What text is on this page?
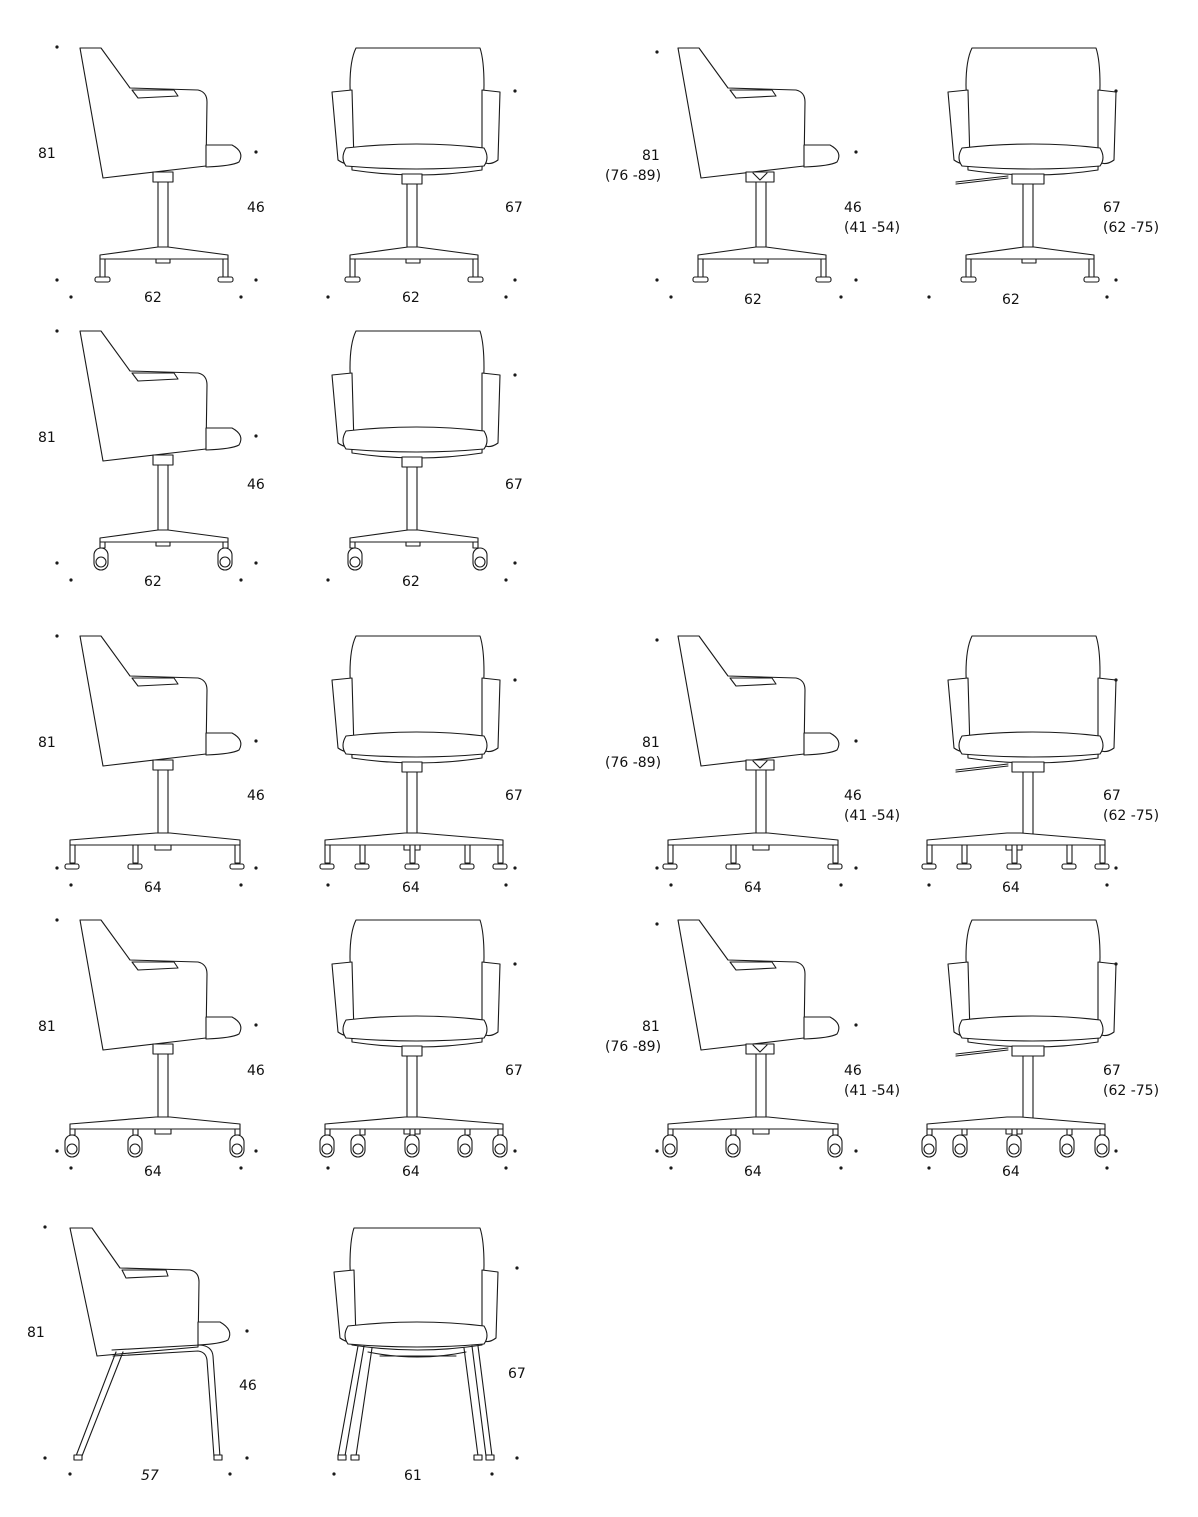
81
46
62
67
62
81
(76 -89)
46
(41 -54)
62
67
(62 -75)
62
81
46
62
67
62
81
46
64
67
64
81
(76 -89)
46
(41 -54)
64
67
(62 -75)
64
81
46
64
67
64
81
(76 -89)
46
(41 -54)
64
67
(62 -75)
64
81
46
57
67
61
